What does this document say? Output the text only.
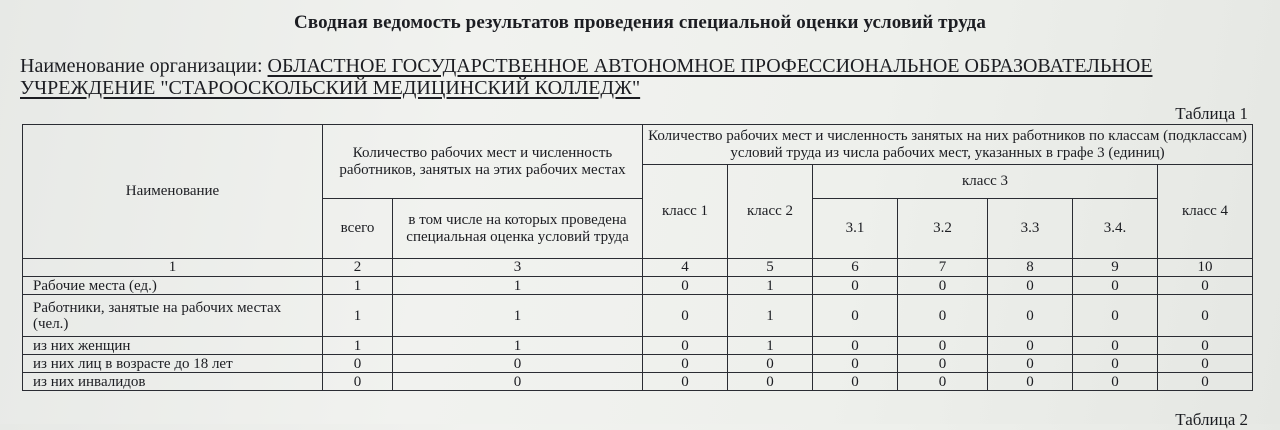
Сводная ведомость результатов проведения специальной оценки условий труда
Наименование организации: ОБЛАСТНОЕ ГОСУДАРСТВЕННОЕ АВТОНОМНОЕ ПРОФЕССИОНАЛЬНОЕ ОБРАЗОВАТЕЛЬНОЕ УЧРЕЖДЕНИЕ "СТАРООСКОЛЬСКИЙ МЕДИЦИНСКИЙ КОЛЛЕДЖ"
Таблица 1
Наименование	Количество рабочих мест и численность работников, занятых на этих рабочих местах		Количество рабочих мест и численность занятых на них работников по классам (подклассам) условий труда из числа рабочих мест, указанных в графе 3 (единиц)						
			класс 1	класс 2	класс 3				класс 4
	всего	в том числе на которых проведена специальная оценка условий труда			3.1	3.2	3.3	3.4.	
1	2	3	4	5	6	7	8	9	10
Рабочие места (ед.)	1	1	0	1	0	0	0	0	0
Работники, занятые на рабочих местах (чел.)	1	1	0	1	0	0	0	0	0
из них женщин	1	1	0	1	0	0	0	0	0
из них лиц в возрасте до 18 лет	0	0	0	0	0	0	0	0	0
из них инвалидов	0	0	0	0	0	0	0	0	0
Таблица 2
